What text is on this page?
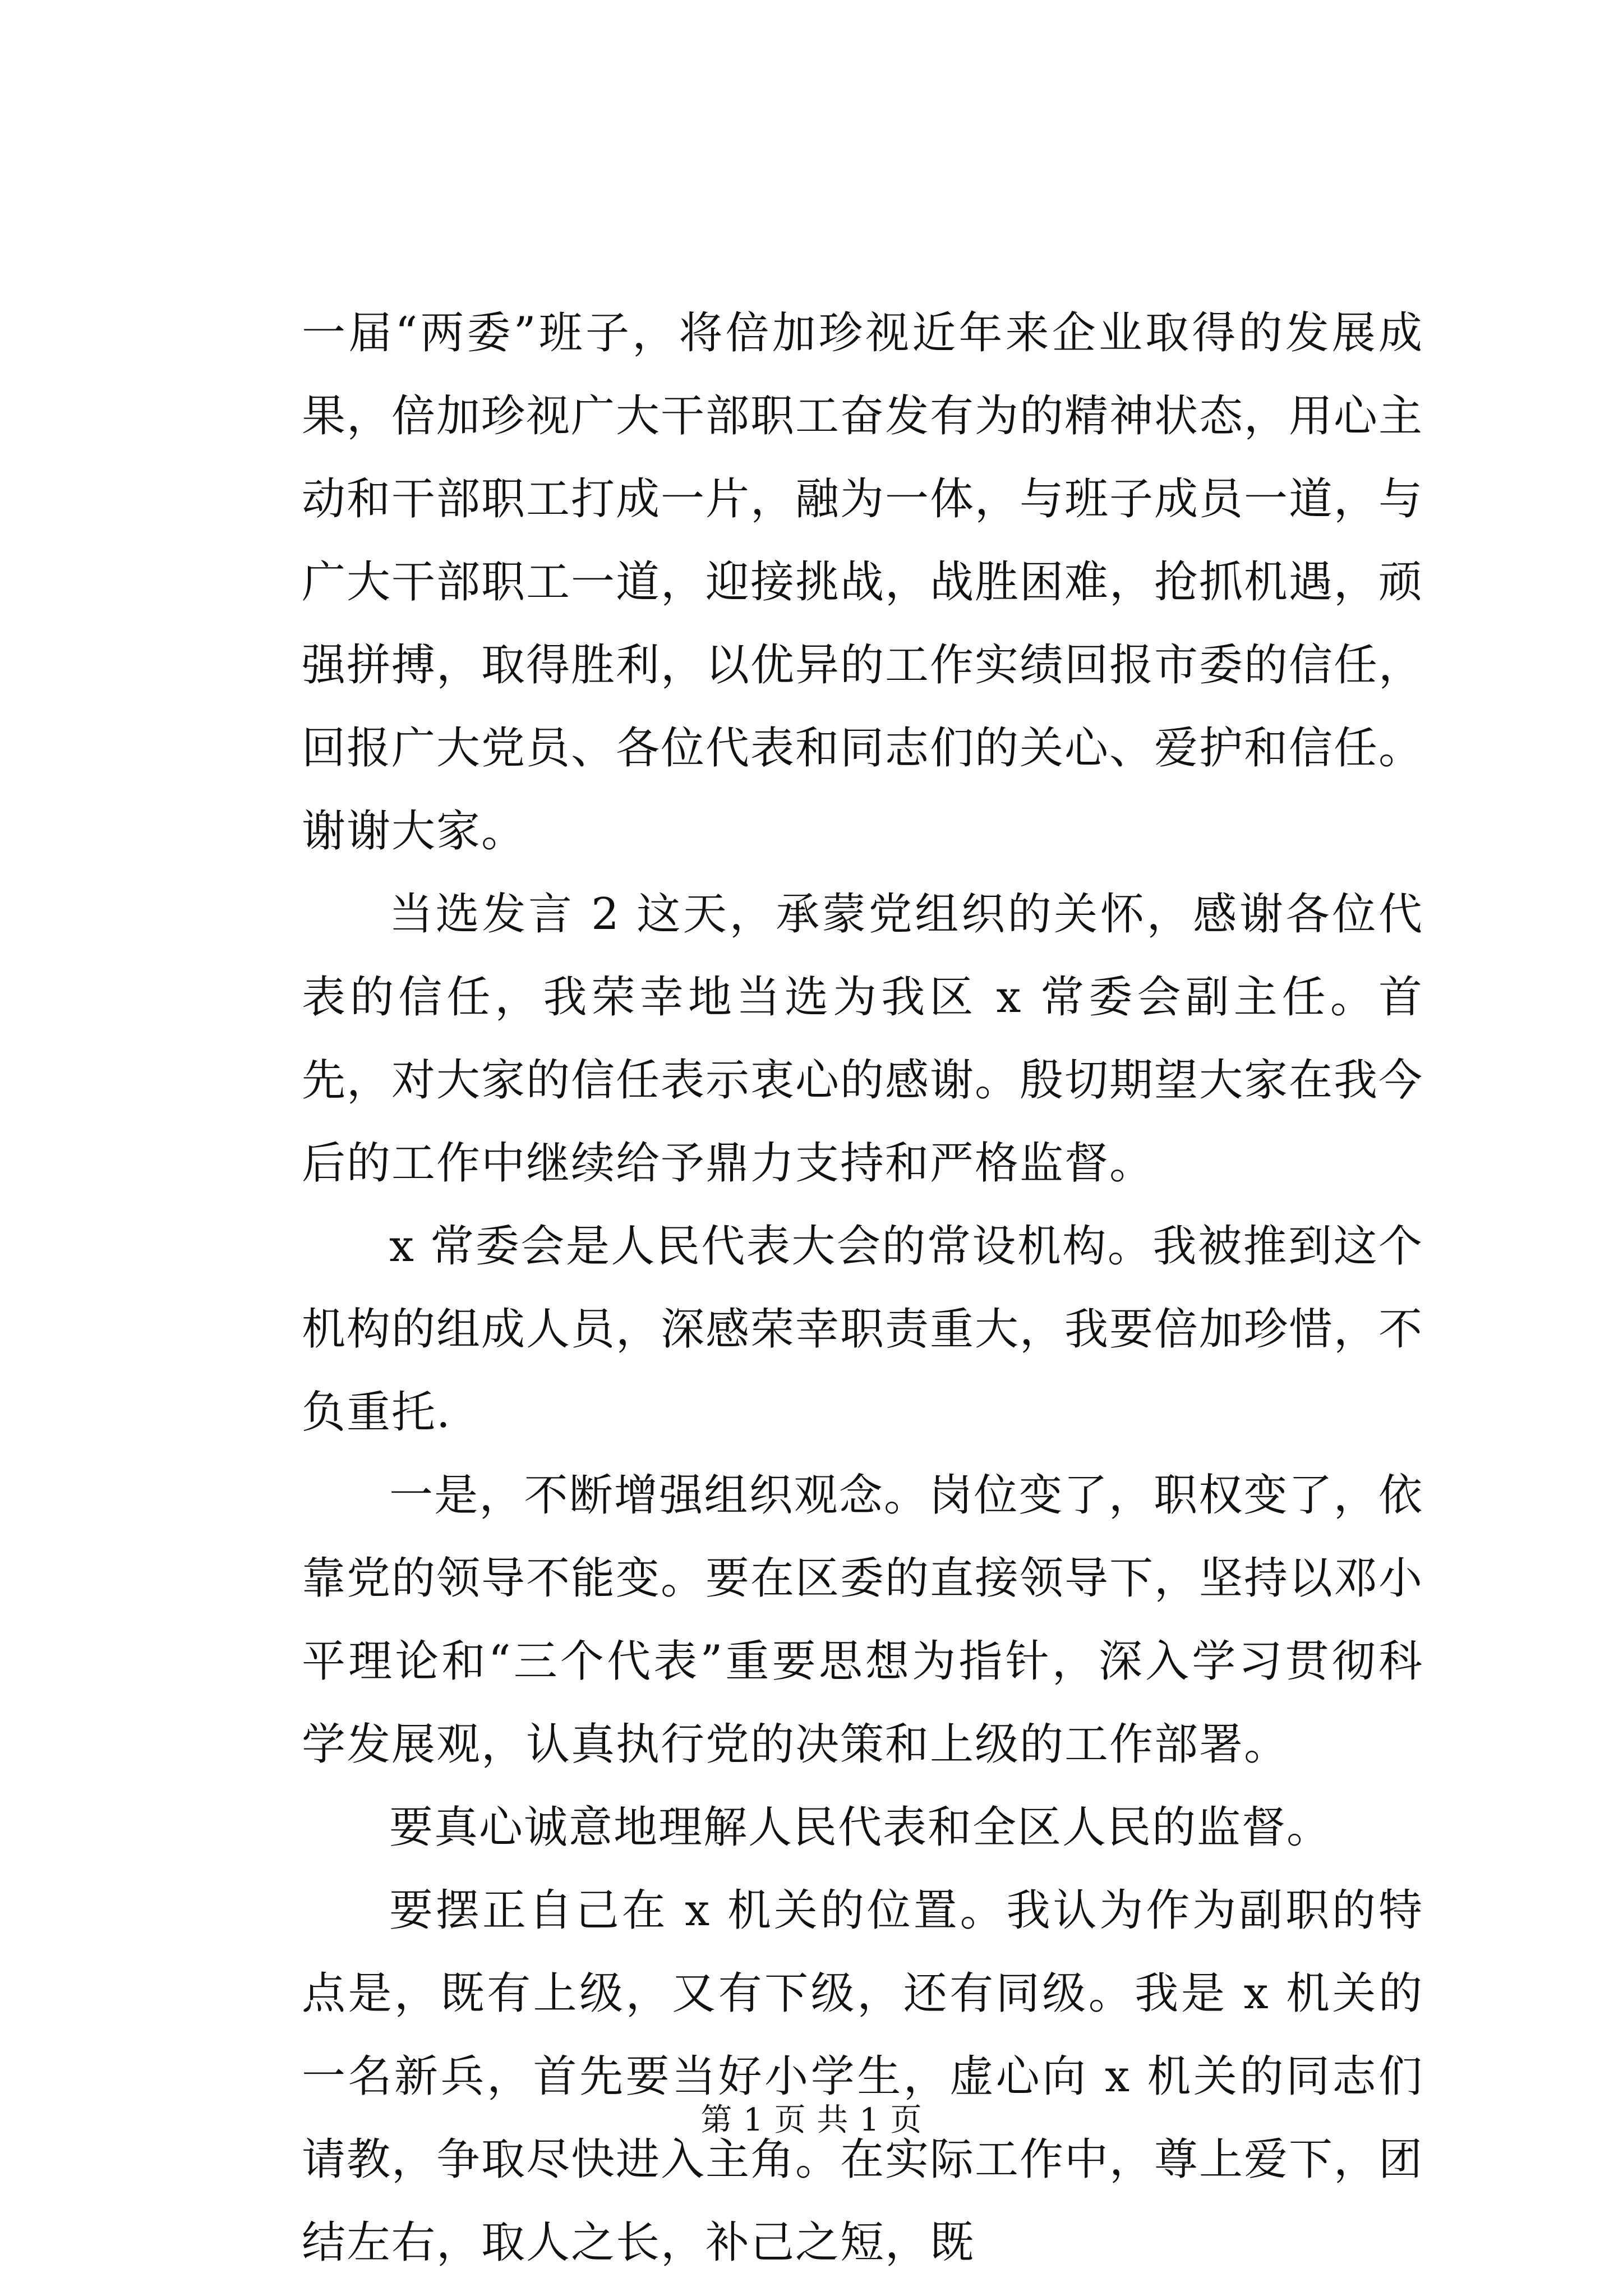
一届“两委”班子，将倍加珍视近年来企业取得的发展成果，倍加珍视广大干部职工奋发有为的精神状态，用心主动和干部职工打成一片，融为一体，与班子成员一道，与广大干部职工一道，迎接挑战，战胜困难，抢抓机遇，顽强拼搏，取得胜利，以优异的工作实绩回报市委的信任，回报广大党员、各位代表和同志们的关心、爱护和信任。谢谢大家。

当选发言 2 这天，承蒙党组织的关怀，感谢各位代表的信任，我荣幸地当选为我区 x 常委会副主任。首先，对大家的信任表示衷心的感谢。殷切期望大家在我今后的工作中继续给予鼎力支持和严格监督。

x 常委会是人民代表大会的常设机构。我被推到这个机构的组成人员，深感荣幸职责重大，我要倍加珍惜，不负重托.

一是，不断增强组织观念。岗位变了，职权变了，依靠党的领导不能变。要在区委的直接领导下，坚持以邓小平理论和“三个代表”重要思想为指针，深入学习贯彻科学发展观，认真执行党的决策和上级的工作部署。

要真心诚意地理解人民代表和全区人民的监督。

要摆正自己在 x 机关的位置。我认为作为副职的特点是，既有上级，又有下级，还有同级。我是 x 机关的一名新兵，首先要当好小学生，虚心向 x 机关的同志们请教，争取尽快进入主角。在实际工作中，尊上爱下，团结左右，取人之长，补己之短，既

第 1 页 共 1 页
